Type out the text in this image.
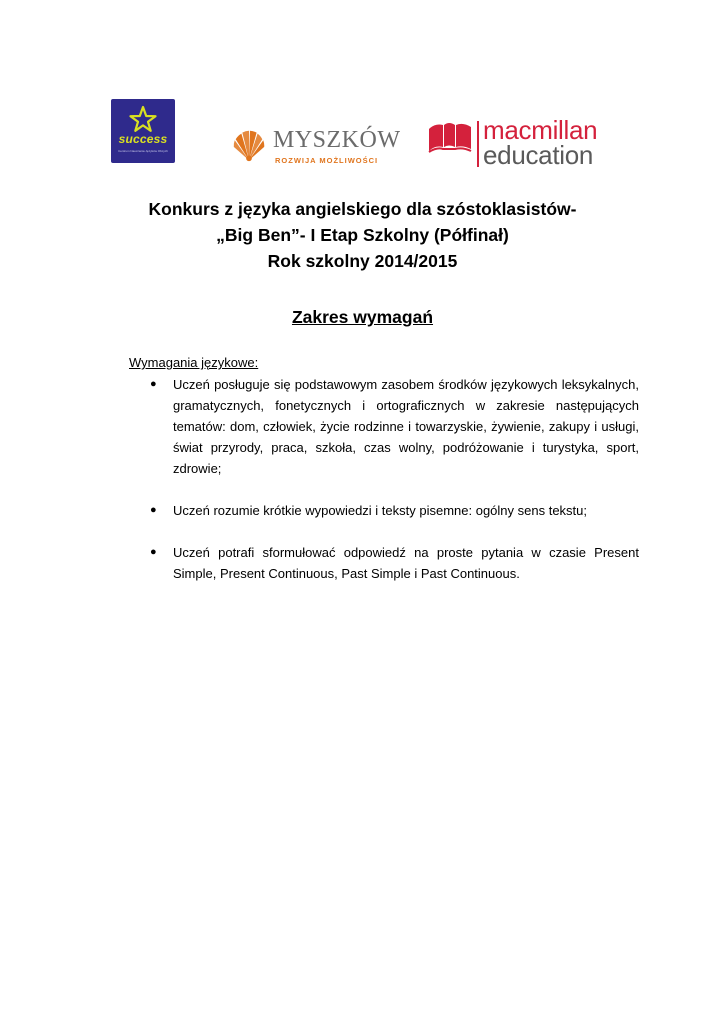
success
Centrum Nauczania Języków Obcych	MYSZKÓW
ROZWIJA MOŻLIWOŚCI
macmillan
education
Konkurs z języka angielskiego dla szóstoklasistów-
„Big Ben”- I Etap Szkolny (Półfinał)
Rok szkolny 2014/2015
Zakres wymagań
Wymagania językowe:
● Uczeń posługuje się podstawowym zasobem środków językowych leksykalnych, gramatycznych, fonetycznych i ortograficznych w zakresie następujących tematów: dom, człowiek, życie rodzinne i towarzyskie, żywienie, zakupy i usługi, świat przyrody, praca, szkoła, czas wolny, podróżowanie i turystyka, sport, zdrowie;
● Uczeń rozumie krótkie wypowiedzi i teksty pisemne: ogólny sens tekstu;
● Uczeń potrafi sformułować odpowiedź na proste pytania w czasie Present Simple, Present Continuous, Past Simple i Past Continuous.
